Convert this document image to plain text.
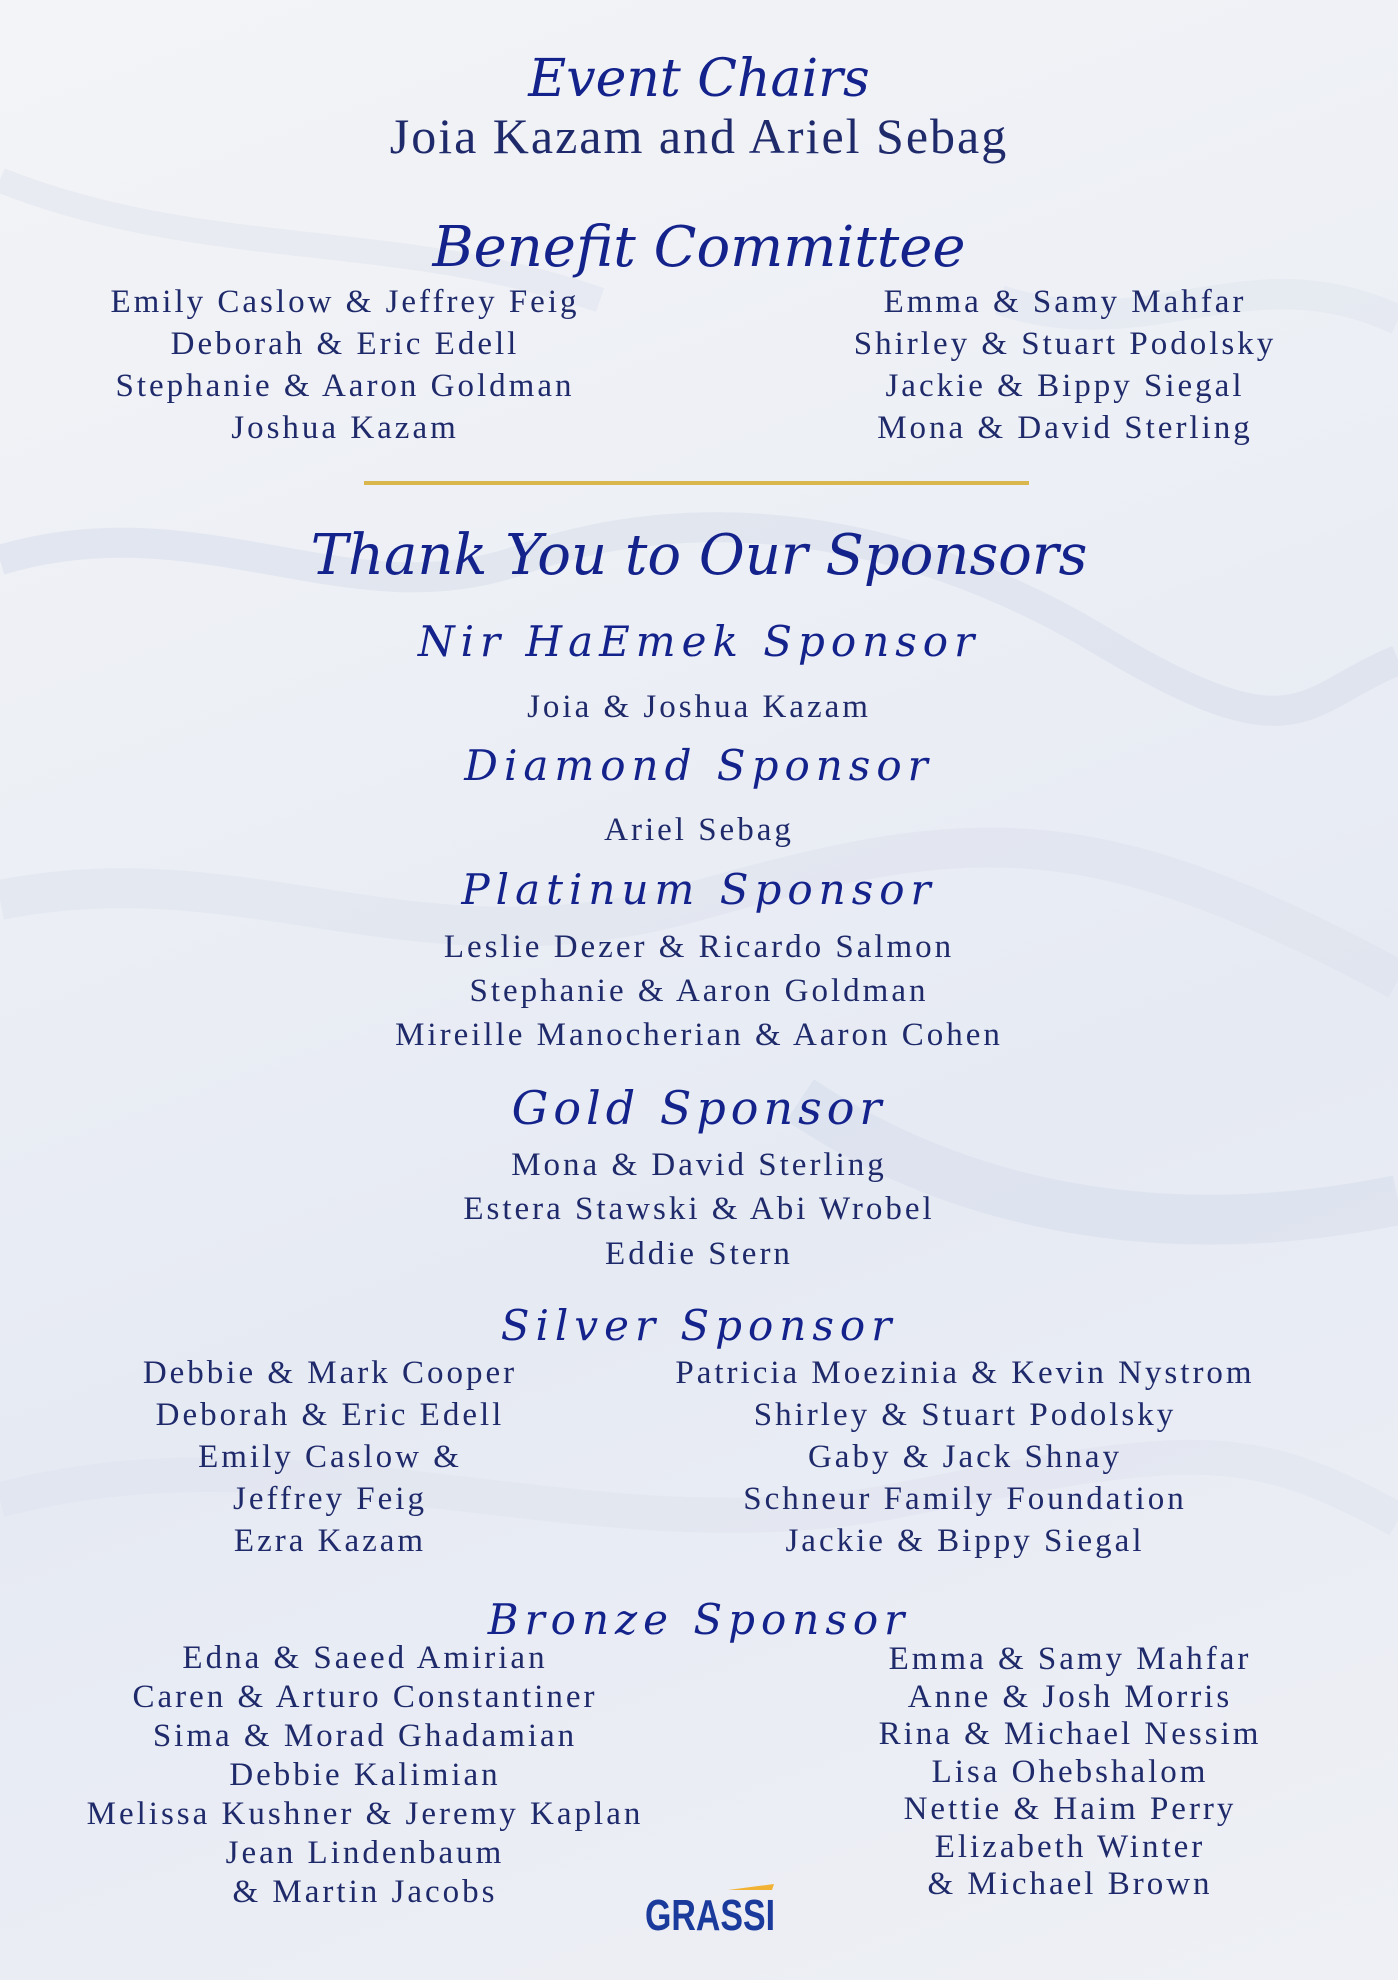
Event Chairs
Joia Kazam and Ariel Sebag
Benefit Committee
Emily Caslow & Jeffrey Feig
Deborah & Eric Edell
Stephanie & Aaron Goldman
Joshua Kazam
Emma & Samy Mahfar
Shirley & Stuart Podolsky
Jackie & Bippy Siegal
Mona & David Sterling
Thank You to Our Sponsors
Nir HaEmek Sponsor
Joia & Joshua Kazam
Diamond Sponsor
Ariel Sebag
Platinum Sponsor
Leslie Dezer & Ricardo Salmon
Stephanie & Aaron Goldman
Mireille Manocherian & Aaron Cohen
Gold Sponsor
Mona & David Sterling
Estera Stawski & Abi Wrobel
Eddie Stern
Silver Sponsor
Debbie & Mark Cooper
Deborah & Eric Edell
Emily Caslow &
Jeffrey Feig
Ezra Kazam
Patricia Moezinia & Kevin Nystrom
Shirley & Stuart Podolsky
Gaby & Jack Shnay
Schneur Family Foundation
Jackie & Bippy Siegal
Bronze Sponsor
Edna & Saeed Amirian
Caren & Arturo Constantiner
Sima & Morad Ghadamian
Debbie Kalimian
Melissa Kushner & Jeremy Kaplan
Jean Lindenbaum
& Martin Jacobs
Emma & Samy Mahfar
Anne & Josh Morris
Rina & Michael Nessim
Lisa Ohebshalom
Nettie & Haim Perry
Elizabeth Winter
& Michael Brown
GRASSI
